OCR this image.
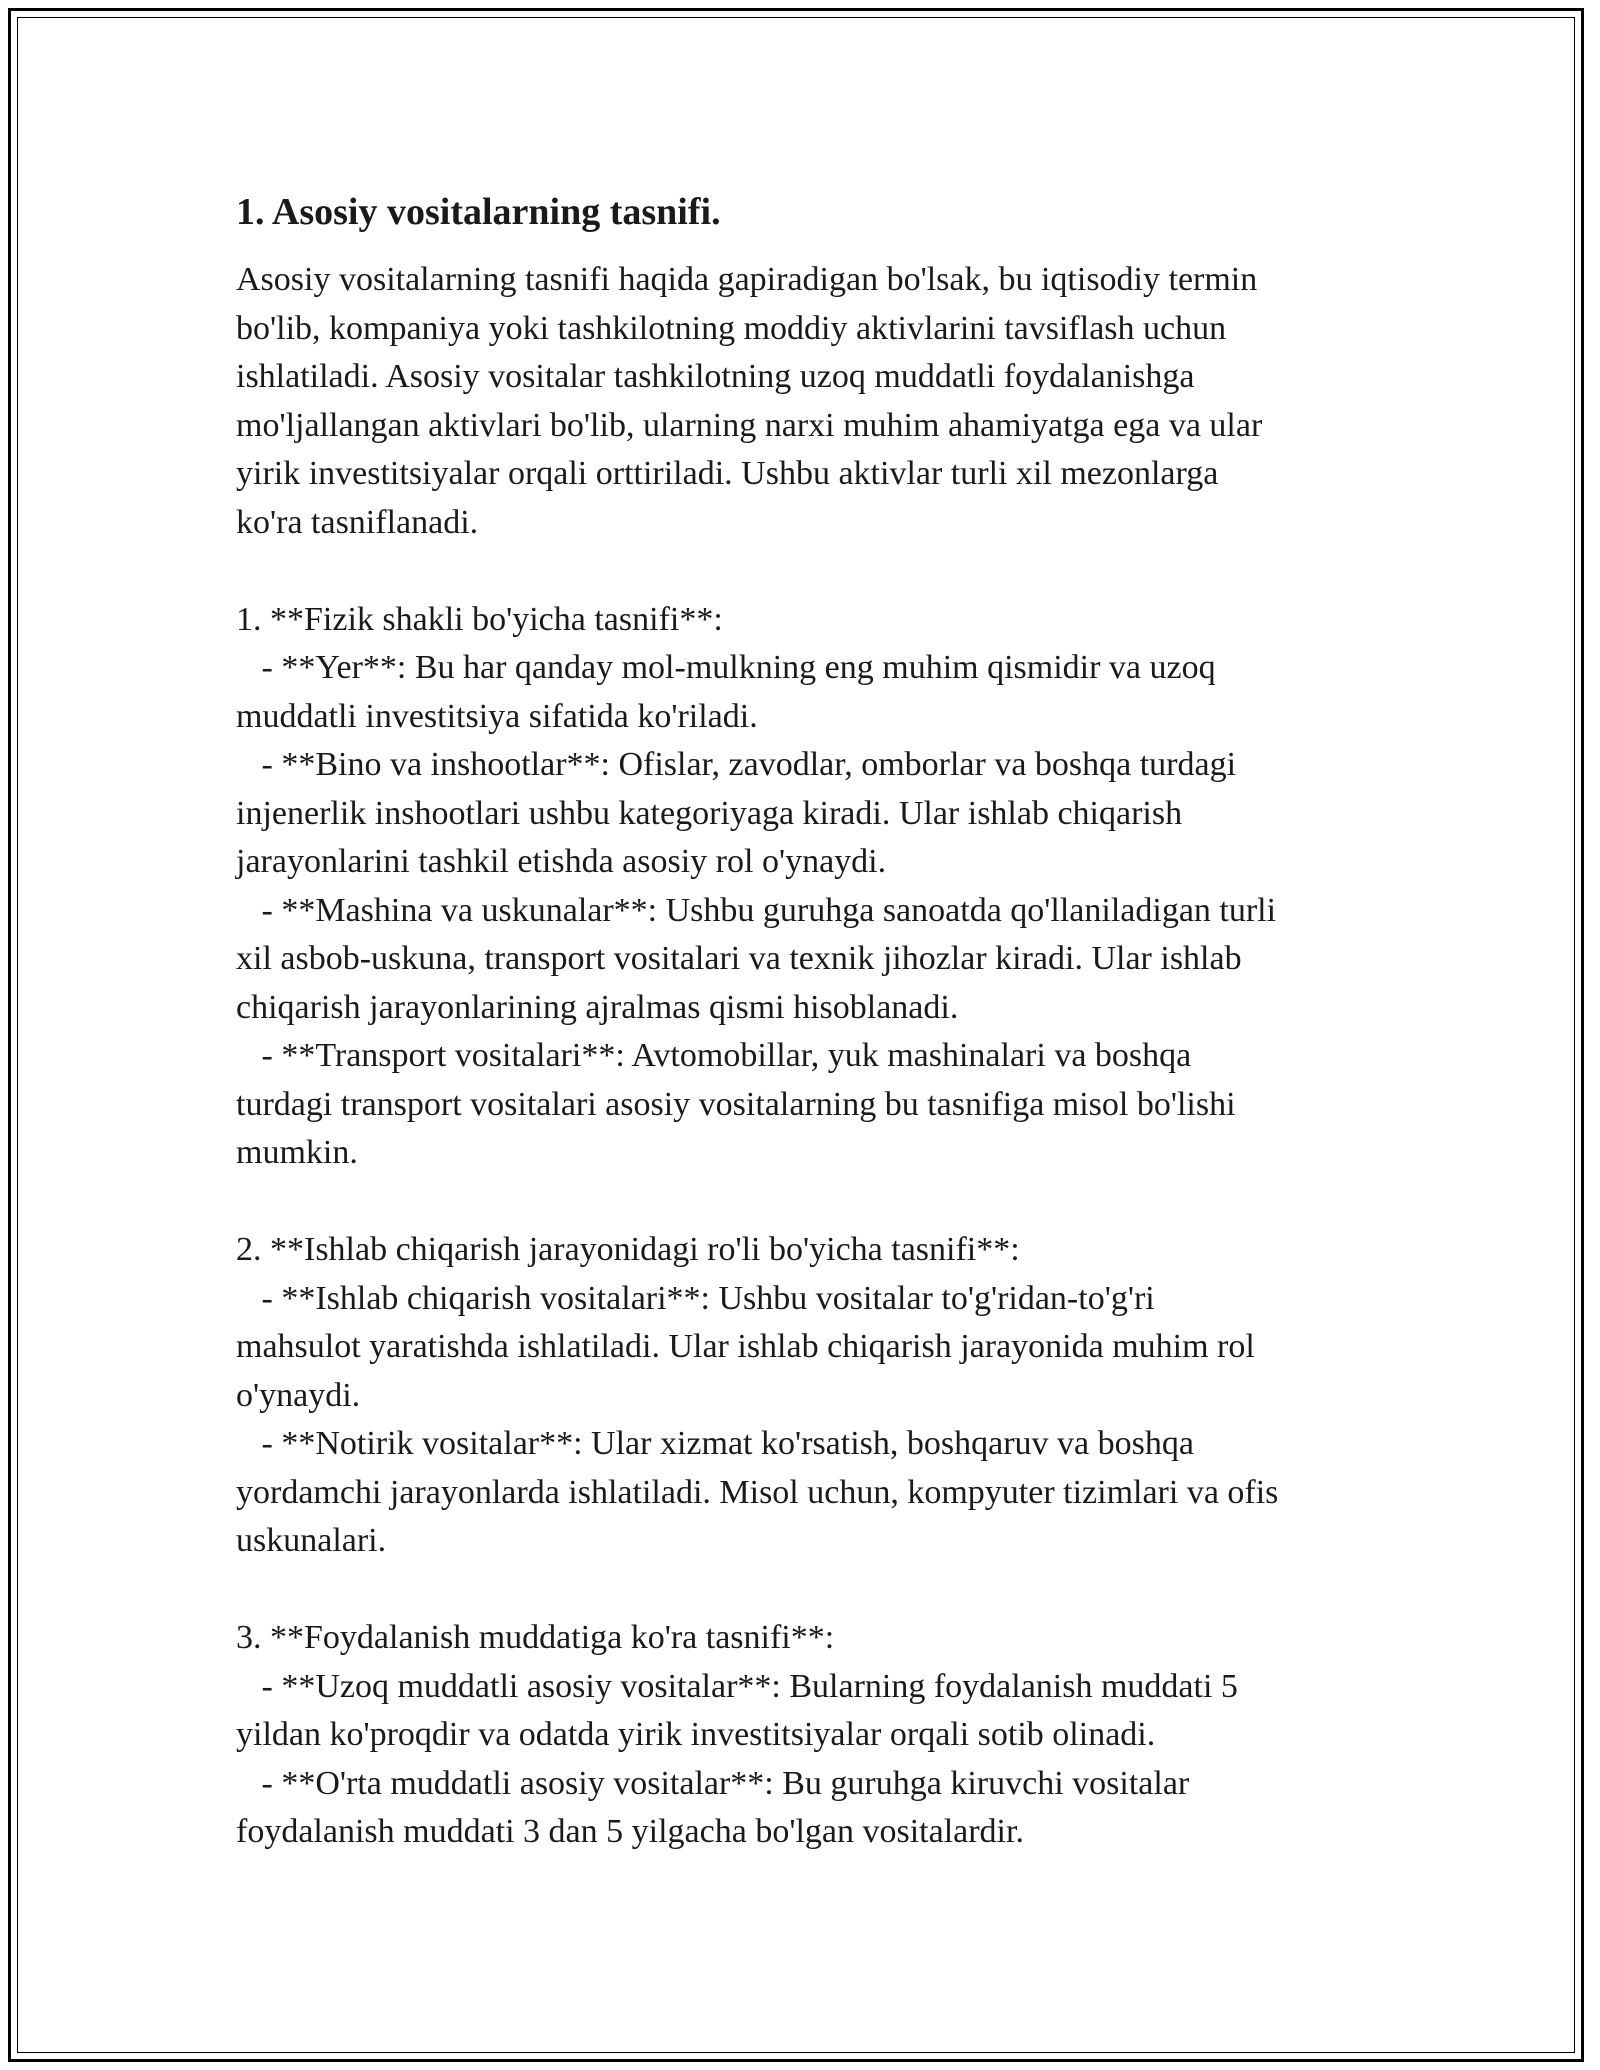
1. Asosiy vositalarning tasnifi.

Asosiy vositalarning tasnifi haqida gapiradigan bo'lsak, bu iqtisodiy termin

bo'lib, kompaniya yoki tashkilotning moddiy aktivlarini tavsiflash uchun

ishlatiladi. Asosiy vositalar tashkilotning uzoq muddatli foydalanishga

mo'ljallangan aktivlari bo'lib, ularning narxi muhim ahamiyatga ega va ular

yirik investitsiyalar orqali orttiriladi. Ushbu aktivlar turli xil mezonlarga

ko'ra tasniflanadi.

1. **Fizik shakli bo'yicha tasnifi**:

- **Yer**: Bu har qanday mol-mulkning eng muhim qismidir va uzoq

muddatli investitsiya sifatida ko'riladi.

- **Bino va inshootlar**: Ofislar, zavodlar, omborlar va boshqa turdagi

injenerlik inshootlari ushbu kategoriyaga kiradi. Ular ishlab chiqarish

jarayonlarini tashkil etishda asosiy rol o'ynaydi.

- **Mashina va uskunalar**: Ushbu guruhga sanoatda qo'llaniladigan turli

xil asbob-uskuna, transport vositalari va texnik jihozlar kiradi. Ular ishlab

chiqarish jarayonlarining ajralmas qismi hisoblanadi.

- **Transport vositalari**: Avtomobillar, yuk mashinalari va boshqa

turdagi transport vositalari asosiy vositalarning bu tasnifiga misol bo'lishi

mumkin.

2. **Ishlab chiqarish jarayonidagi ro'li bo'yicha tasnifi**:

- **Ishlab chiqarish vositalari**: Ushbu vositalar to'g'ridan-to'g'ri

mahsulot yaratishda ishlatiladi. Ular ishlab chiqarish jarayonida muhim rol

o'ynaydi.

- **Notirik vositalar**: Ular xizmat ko'rsatish, boshqaruv va boshqa

yordamchi jarayonlarda ishlatiladi. Misol uchun, kompyuter tizimlari va ofis

uskunalari.

3. **Foydalanish muddatiga ko'ra tasnifi**:

- **Uzoq muddatli asosiy vositalar**: Bularning foydalanish muddati 5

yildan ko'proqdir va odatda yirik investitsiyalar orqali sotib olinadi.

- **O'rta muddatli asosiy vositalar**: Bu guruhga kiruvchi vositalar

foydalanish muddati 3 dan 5 yilgacha bo'lgan vositalardir.
